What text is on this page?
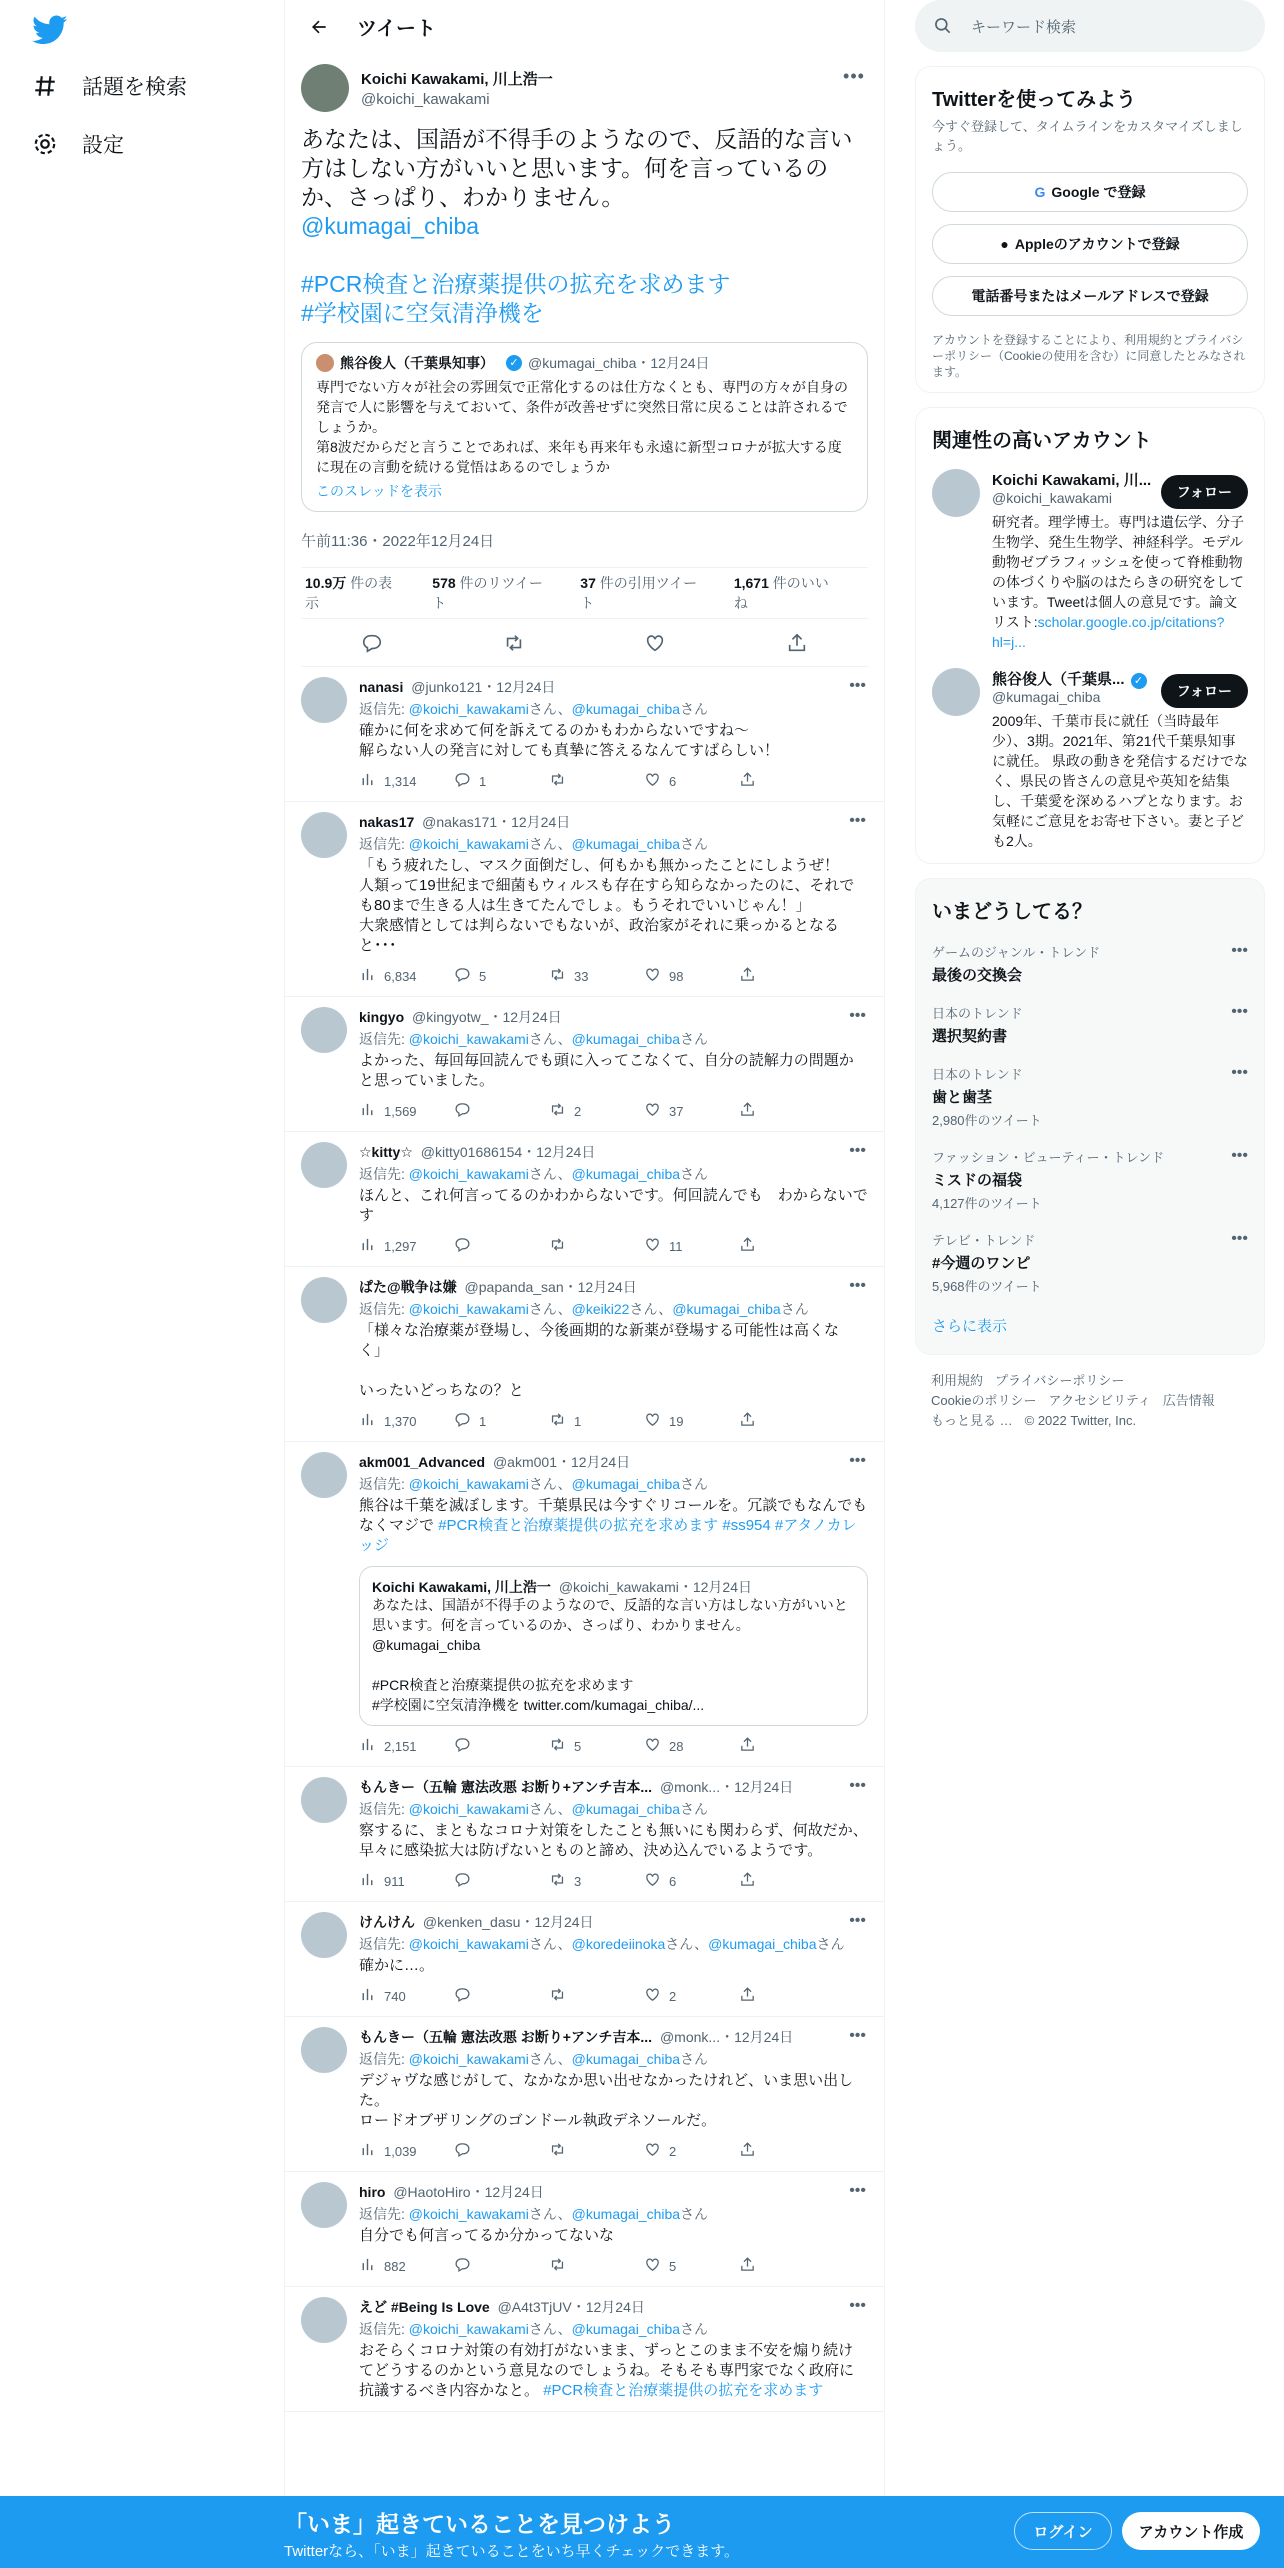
話題を検索
設定
ツイート
Koichi Kawakami, 川上浩一
@koichi_kawakami
•••
あなたは、国語が不得手のようなので、反語的な言い方はしない方がいいと思います。何を言っているのか、さっぱり、わかりません。
@kumagai_chiba

#PCR検査と治療薬提供の拡充を求めます
#学校園に空気清浄機を
熊谷俊人（千葉県知事）	✓ @kumagai_chiba ・ 12月24日
専門でない方々が社会の雰囲気で正常化するのは仕方なくとも、専門の方々が自身の発言で人に影響を与えておいて、条件が改善せずに突然日常に戻ることは許されるでしょうか。
第8波だからだと言うことであれば、来年も再来年も永遠に新型コロナが拡大する度に現在の言動を続ける覚悟はあるのでしょうか
このスレッドを表示
午前11:36・2022年12月24日
10.9万 件の表示
578 件のリツイート
37 件の引用ツイート
1,671 件のいいね
nanasi @junko121・12月24日
返信先: @koichi_kawakamiさん、@kumagai_chibaさん
確かに何を求めて何を訴えてるのかもわからないですね～
解らない人の発言に対しても真摯に答えるなんてすばらしい！
1,314	1	6
•••
nakas17 @nakas171・12月24日
返信先: @koichi_kawakamiさん、@kumagai_chibaさん
「もう疲れたし、マスク面倒だし、何もかも無かったことにしようぜ！
人類って19世紀まで細菌もウィルスも存在すら知らなかったのに、それでも80まで生きる人は生きてたんでしょ。もうそれでいいじゃん！」
大衆感情としては判らないでもないが、政治家がそれに乗っかるとなると･･･
6,834	5	33	98
•••
kingyo @kingyotw_・12月24日
返信先: @koichi_kawakamiさん、@kumagai_chibaさん
よかった、毎回毎回読んでも頭に入ってこなくて、自分の読解力の問題かと思っていました。
1,569	2	37
•••
☆kitty☆ @kitty01686154・12月24日
返信先: @koichi_kawakamiさん、@kumagai_chibaさん
ほんと、これ何言ってるのかわからないです。何回読んでも　わからないです
1,297	11
•••
ぱた@戦争は嫌 @papanda_san・12月24日
返信先: @koichi_kawakamiさん、@keiki22さん、@kumagai_chibaさん
「様々な治療薬が登場し、今後画期的な新薬が登場する可能性は高くなく」

いったいどっちなの？と
1,370	1	1	19
•••
akm001_Advanced @akm001・12月24日
返信先: @koichi_kawakamiさん、@kumagai_chibaさん
熊谷は千葉を滅ぼします。千葉県民は今すぐリコールを。冗談でもなんでもなくマジで #PCR検査と治療薬提供の拡充を求めます #ss954 #アタノカレッジ
Koichi Kawakami, 川上浩一 @koichi_kawakami・12月24日
あなたは、国語が不得手のようなので、反語的な言い方はしない方がいいと思います。何を言っているのか、さっぱり、わかりません。
@kumagai_chiba

#PCR検査と治療薬提供の拡充を求めます
#学校園に空気清浄機を twitter.com/kumagai_chiba/...
2,151	5	28
•••
もんきー（五輪 憲法改悪 お断り+アンチ吉本... @monk...・12月24日
返信先: @koichi_kawakamiさん、@kumagai_chibaさん
察するに、まともなコロナ対策をしたことも無いにも関わらず、何故だか、早々に感染拡大は防げないとものと諦め、決め込んでいるようです。
911	3	6
•••
けんけん @kenken_dasu・12月24日
返信先: @koichi_kawakamiさん、@koredeiinokaさん、@kumagai_chibaさん
確かに…。
740	2
•••
もんきー（五輪 憲法改悪 お断り+アンチ吉本... @monk...・12月24日
返信先: @koichi_kawakamiさん、@kumagai_chibaさん
デジャヴな感じがして、なかなか思い出せなかったけれど、いま思い出した。
ロードオブザリングのゴンドール執政デネソールだ。
1,039	2
•••
hiro @HaotoHiro・12月24日
返信先: @koichi_kawakamiさん、@kumagai_chibaさん
自分でも何言ってるか分かってないな
882	5
•••
えど #Being Is Love @A4t3TjUV・12月24日
返信先: @koichi_kawakamiさん、@kumagai_chibaさん
おそらくコロナ対策の有効打がないまま、ずっとこのまま不安を煽り続けてどうするのかという意見なのでしょうね。そもそも専門家でなく政府に抗議するべき内容かなと。 #PCR検査と治療薬提供の拡充を求めます
•••
キーワード検索
Twitterを使ってみよう
今すぐ登録して、タイムラインをカスタマイズしましょう。
G Google で登録
● Appleのアカウントで登録
電話番号またはメールアドレスで登録
アカウントを登録することにより、利用規約とプライバシーポリシー（Cookieの使用を含む）に同意したとみなされます。
関連性の高いアカウント
Koichi Kawakami, 川...
@koichi_kawakami
研究者。理学博士。専門は遺伝学、分子生物学、発生生物学、神経科学。モデル動物ゼブラフィッシュを使って脊椎動物の体づくりや脳のはたらきの研究をしています。Tweetは個人の意見です。論文リスト:scholar.google.co.jp/citations?hl=j...
フォロー
熊谷俊人（千葉県... ✓
@kumagai_chiba
2009年、千葉市長に就任（当時最年少）、3期。2021年、第21代千葉県知事に就任。 県政の動きを発信するだけでなく、県民の皆さんの意見や英知を結集し、千葉愛を深めるハブとなります。お気軽にご意見をお寄せ下さい。妻と子ども2人。
フォロー
いまどうしてる？
ゲームのジャンル・トレンド
最後の交換会
•••
日本のトレンド
選択契約書
•••
日本のトレンド
歯と歯茎
2,980件のツイート
•••
ファッション・ビューティー・トレンド
ミスドの福袋
4,127件のツイート
•••
テレビ・トレンド
#今週のワンピ
5,968件のツイート
•••
さらに表示
利用規約 プライバシーポリシー
Cookieのポリシー アクセシビリティ 広告情報
もっと見る … © 2022 Twitter, Inc.
「いま」起きていることを見つけよう
Twitterなら、「いま」起きていることをいち早くチェックできます。
ログイン	アカウント作成
